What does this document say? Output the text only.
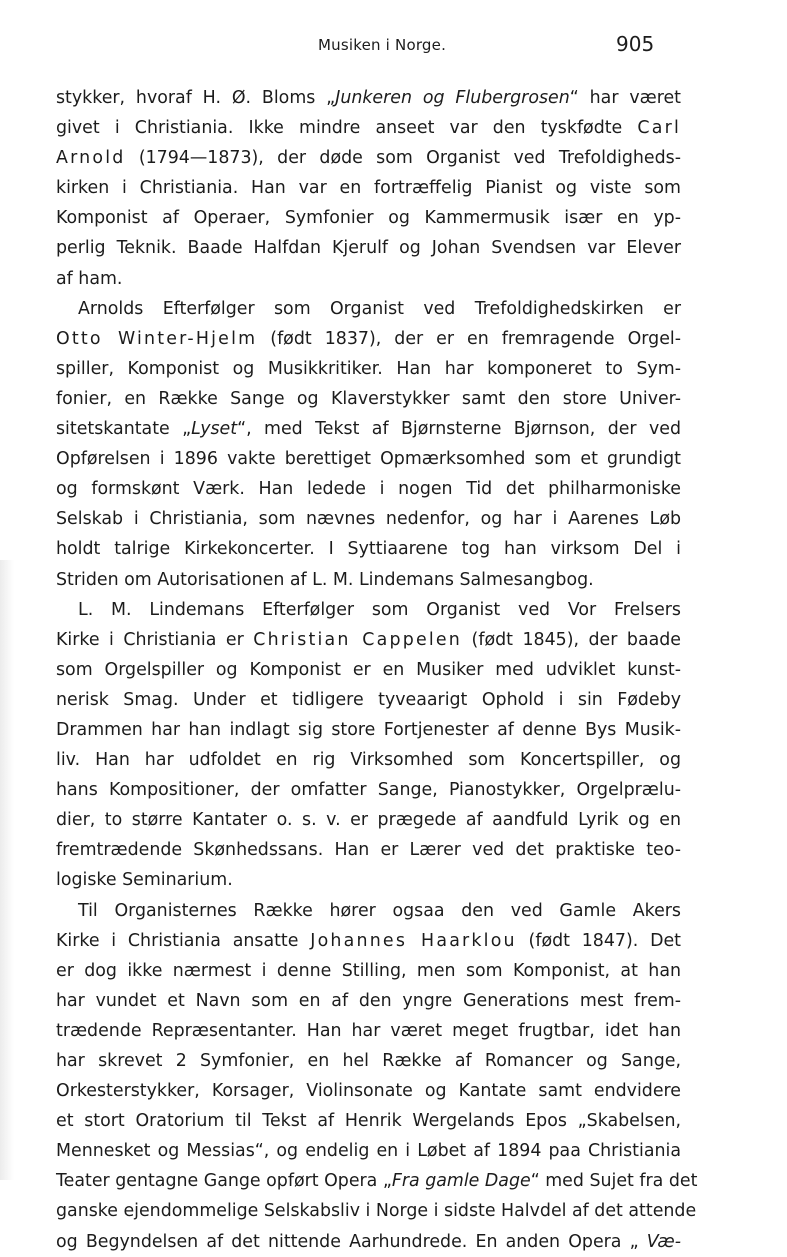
Musiken i Norge.	905
stykker, hvoraf H. Ø. Bloms „Junkeren og Flubergrosen“ har været
givet i Christiania. Ikke mindre anseet var den tyskfødte Carl
Arnold (1794—1873), der døde som Organist ved Trefoldigheds-
kirken i Christiania. Han var en fortræffelig Pianist og viste som
Komponist af Operaer, Symfonier og Kammermusik især en yp-
perlig Teknik. Baade Halfdan Kjerulf og Johan Svendsen var Elever
af ham.
Arnolds Efterfølger som Organist ved Trefoldighedskirken er
Otto Winter-Hjelm (født 1837), der er en fremragende Orgel-
spiller, Komponist og Musikkritiker. Han har komponeret to Sym-
fonier, en Række Sange og Klaverstykker samt den store Univer-
sitetskantate „Lyset“, med Tekst af Bjørnsterne Bjørnson, der ved
Opførelsen i 1896 vakte berettiget Opmærksomhed som et grundigt
og formskønt Værk. Han ledede i nogen Tid det philharmoniske
Selskab i Christiania, som nævnes nedenfor, og har i Aarenes Løb
holdt talrige Kirkekoncerter. I Syttiaarene tog han virksom Del i
Striden om Autorisationen af L. M. Lindemans Salmesangbog.
L. M. Lindemans Efterfølger som Organist ved Vor Frelsers
Kirke i Christiania er Christian Cappelen (født 1845), der baade
som Orgelspiller og Komponist er en Musiker med udviklet kunst-
nerisk Smag. Under et tidligere tyveaarigt Ophold i sin Fødeby
Drammen har han indlagt sig store Fortjenester af denne Bys Musik-
liv. Han har udfoldet en rig Virksomhed som Koncertspiller, og
hans Kompositioner, der omfatter Sange, Pianostykker, Orgelprælu-
dier, to større Kantater o. s. v. er prægede af aandfuld Lyrik og en
fremtrædende Skønhedssans. Han er Lærer ved det praktiske teo-
logiske Seminarium.
Til Organisternes Række hører ogsaa den ved Gamle Akers
Kirke i Christiania ansatte Johannes Haarklou (født 1847). Det
er dog ikke nærmest i denne Stilling, men som Komponist, at han
har vundet et Navn som en af den yngre Generations mest frem-
trædende Repræsentanter. Han har været meget frugtbar, idet han
har skrevet 2 Symfonier, en hel Række af Romancer og Sange,
Orkesterstykker, Korsager, Violinsonate og Kantate samt endvidere
et stort Oratorium til Tekst af Henrik Wergelands Epos „Skabelsen,
Mennesket og Messias“, og endelig en i Løbet af 1894 paa Christiania
Teater gentagne Gange opført Opera „Fra gamle Dage“ med Sujet fra det
ganske ejendommelige Selskabsliv i Norge i sidste Halvdel af det attende
og Begyndelsen af det nittende Aarhundrede. En anden Opera „ Væ-
